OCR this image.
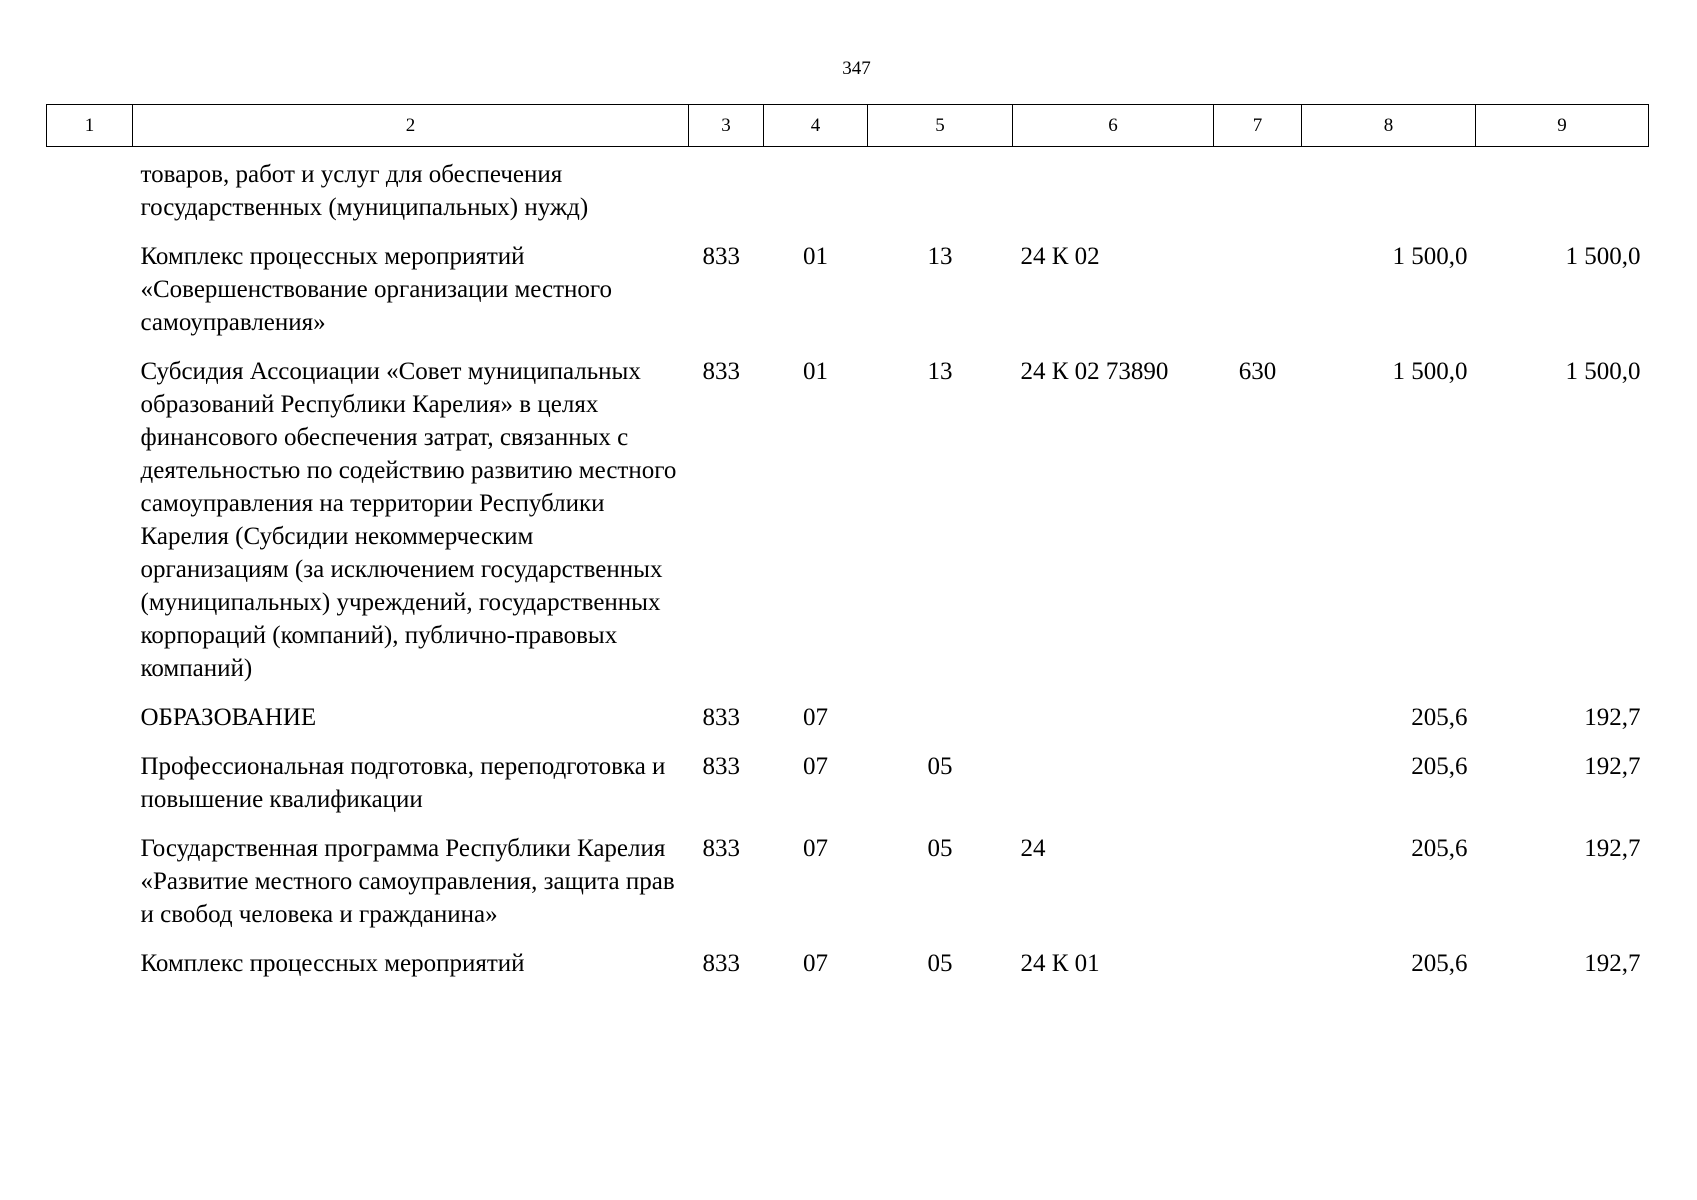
347
1	2	3	4	5	6	7	8	9
	товаров, работ и услуг для обеспечения государственных (муниципальных) нужд)							
	Комплекс процессных мероприятий «Совершенствование организации местного самоуправления»	833	01	13	24 К 02		1 500,0	1 500,0
	Субсидия Ассоциации «Совет муниципальных образований Республики Карелия» в целях финансового обеспечения затрат, связанных с деятельностью по содействию развитию местного самоуправления на территории Республики Карелия (Субсидии некоммерческим организациям (за исключением государственных (муниципальных) учреждений, государственных корпораций (компаний), публично-правовых компаний)	833	01	13	24 К 02 73890	630	1 500,0	1 500,0
	ОБРАЗОВАНИЕ	833	07				205,6	192,7
	Профессиональная подготовка, переподготовка и повышение квалификации	833	07	05			205,6	192,7
	Государственная программа Республики Карелия «Развитие местного самоуправления, защита прав и свобод человека и гражданина»	833	07	05	24		205,6	192,7
	Комплекс процессных мероприятий	833	07	05	24 К 01		205,6	192,7
